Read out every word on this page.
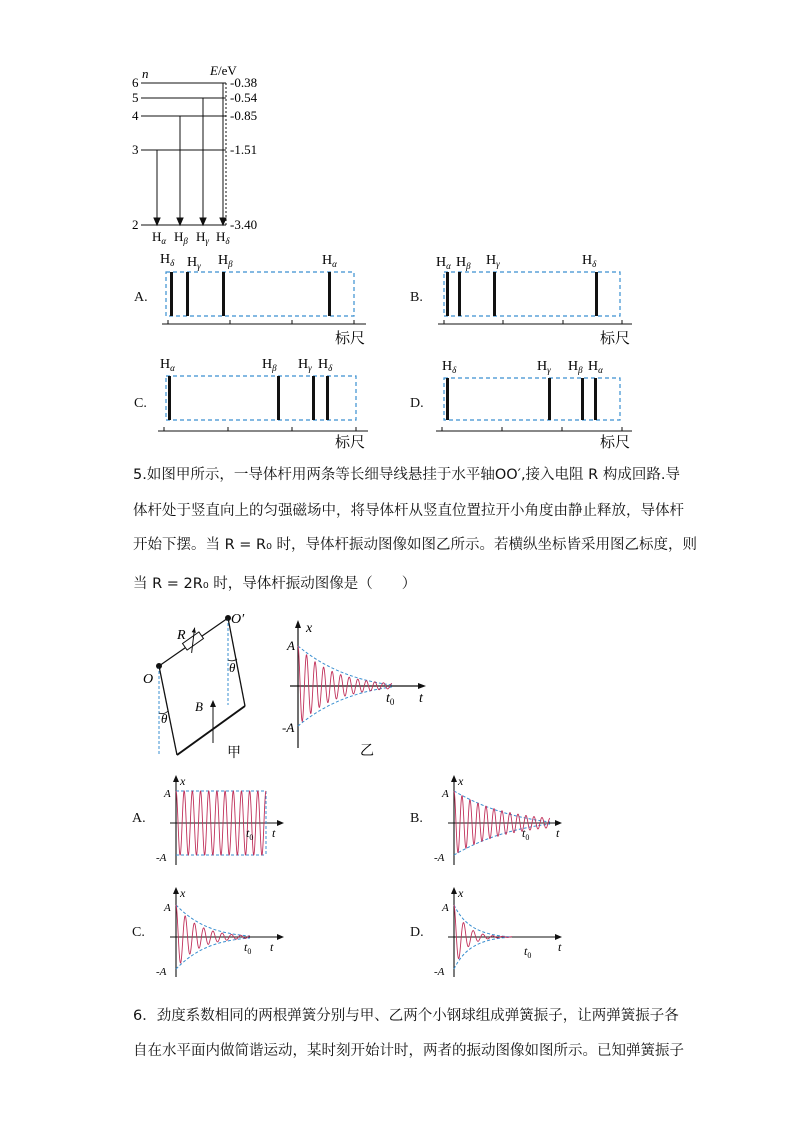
n	E/eV
6
5
4
3
2
-0.38
-0.54
-0.85
-1.51
-3.40
$H_\alpha$ $H_\beta$ $H_\gamma$ $H_\delta$
A.
$H_\delta$ $H_\gamma$ $H_\beta$	$H_\alpha$
标尺
B.
$H_\alpha$ $H_\beta$ $H_\gamma$	$H_\delta$
标尺
C.
$H_\alpha$	$H_\beta$ $H_\gamma$ $H_\delta$
标尺
D.
$H_\delta$	$H_\gamma$ $H_\beta$ $H_\alpha$
标尺
5.如图甲所示，一导体杆用两条等长细导线悬挂于水平轴OO′,接入电阻 R 构成回路.导
体杆处于竖直向上的匀强磁场中，将导体杆从竖直位置拉开小角度由静止释放，导体杆
开始下摆。当 R = R₀ 时，导体杆振动图像如图乙所示。若横纵坐标皆采用图乙标度，则
当 R = 2R₀ 时，导体杆振动图像是（　　）
O
O′
R
B
θ
θ
甲
x
A
-A
t
$t_0$
乙
A.
x
A
-A
t
$t_0$
B.
x
A
-A
t
$t_0$
C.
x
A
-A
t
$t_0$
D.
x
A
-A
t
$t_0$
6．劲度系数相同的两根弹簧分别与甲、乙两个小钢球组成弹簧振子，让两弹簧振子各
自在水平面内做简谐运动，某时刻开始计时，两者的振动图像如图所示。已知弹簧振子
